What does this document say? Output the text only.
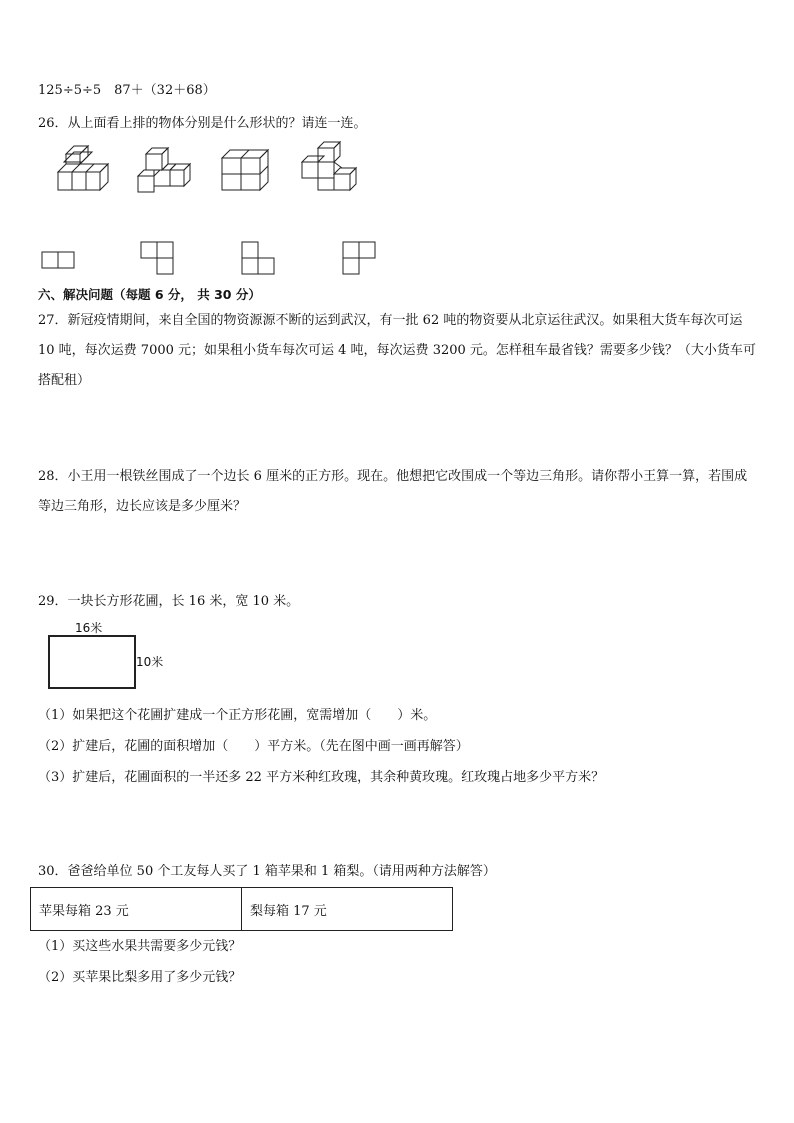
125÷5÷5　87＋（32＋68）
26．从上面看上排的物体分别是什么形状的？请连一连。
六、解决问题（每题 6 分， 共 30 分）
27．新冠疫情期间，来自全国的物资源源不断的运到武汉，有一批 62 吨的物资要从北京运往武汉。如果租大货车每次可运 10 吨，每次运费 7000 元；如果租小货车每次可运 4 吨，每次运费 3200 元。怎样租车最省钱？需要多少钱？（大小货车可搭配租）
28．小王用一根铁丝围成了一个边长 6 厘米的正方形。现在。他想把它改围成一个等边三角形。请你帮小王算一算，若围成等边三角形，边长应该是多少厘米？
29．一块长方形花圃，长 16 米，宽 10 米。
16米
10米
（1）如果把这个花圃扩建成一个正方形花圃，宽需增加（　　）米。
（2）扩建后，花圃的面积增加（　　）平方米。（先在图中画一画再解答）
（3）扩建后，花圃面积的一半还多 22 平方米种红玫瑰，其余种黄玫瑰。红玫瑰占地多少平方米？
30．爸爸给单位 50 个工友每人买了 1 箱苹果和 1 箱梨。（请用两种方法解答）
苹果每箱 23 元	梨每箱 17 元
（1）买这些水果共需要多少元钱？
（2）买苹果比梨多用了多少元钱？
